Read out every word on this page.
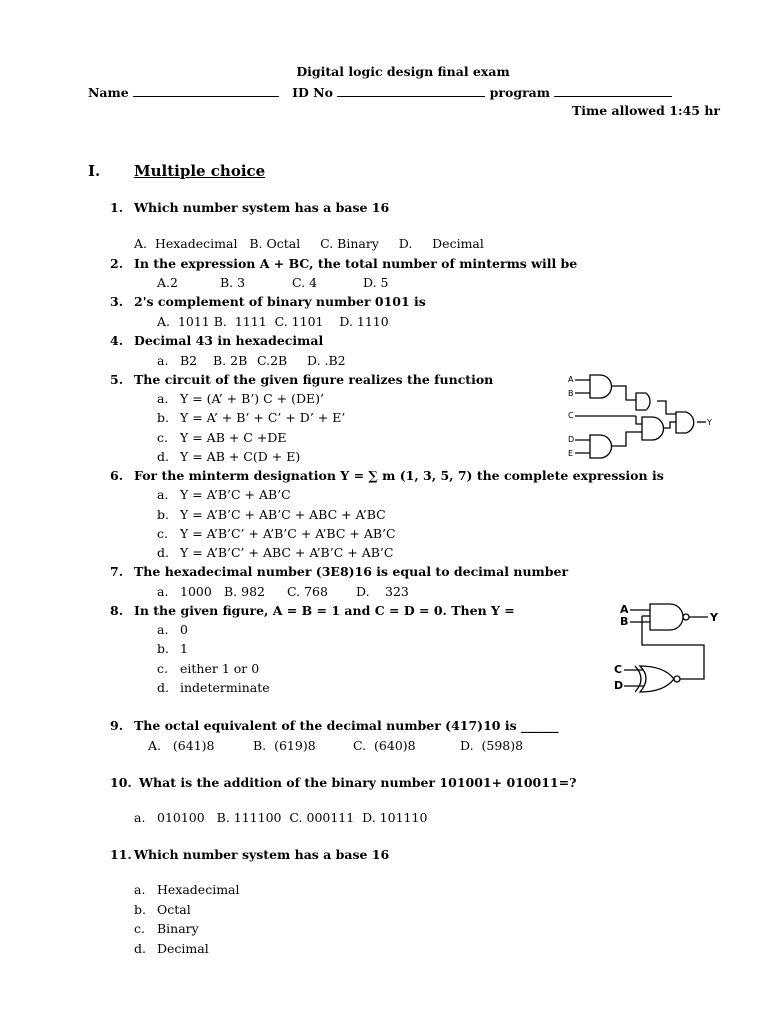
Digital logic design final exam
Name	ID No	program
Time allowed 1:45 hr
I. Multiple choice
1. Which number system has a base 16
A.  Hexadecimal   B. Octal     C. Binary     D.     Decimal
2. In the expression A + BC, the total number of minterms will be
A.2	B. 3	C. 4	D. 5
3. 2's complement of binary number 0101 is
A.  1011 B.  1111  C. 1101    D. 1110
4. Decimal 43 in hexadecimal
a. B2 B. 2B C.2B D. .B2
5. The circuit of the given figure realizes the function
a. Y = (A’ + B’) C + (DE)’
b. Y = A’ + B’ + C’ + D’ + E’
c. Y = AB + C +DE
d. Y = AB + C(D + E)
A
B
C
D
E
Y
6. For the minterm designation Y = ∑ m (1, 3, 5, 7) the complete expression is
a. Y = A’B’C + AB’C
b. Y = A’B’C + AB’C + ABC + A’BC
c. Y = A’B’C’ + A’B’C + A’BC + AB’C
d. Y = A’B’C’ + ABC + A’B’C + AB’C
7. The hexadecimal number (3E8)16 is equal to decimal number
a. 1000 B. 982 C. 768 D. 323
8. In the given figure, A = B = 1 and C = D = 0. Then Y =
a. 0
b. 1
c. either 1 or 0
d. indeterminate
A
B	Y
C
D
9. The octal equivalent of the decimal number (417)10 is ______
A.   (641)8	B.  (619)8	C.  (640)8	D.  (598)8
10. What is the addition of the binary number 101001+ 010011=?
a. 010100   B. 111100  C. 000111  D. 101110
11. Which number system has a base 16
a. Hexadecimal
b. Octal
c. Binary
d. Decimal
